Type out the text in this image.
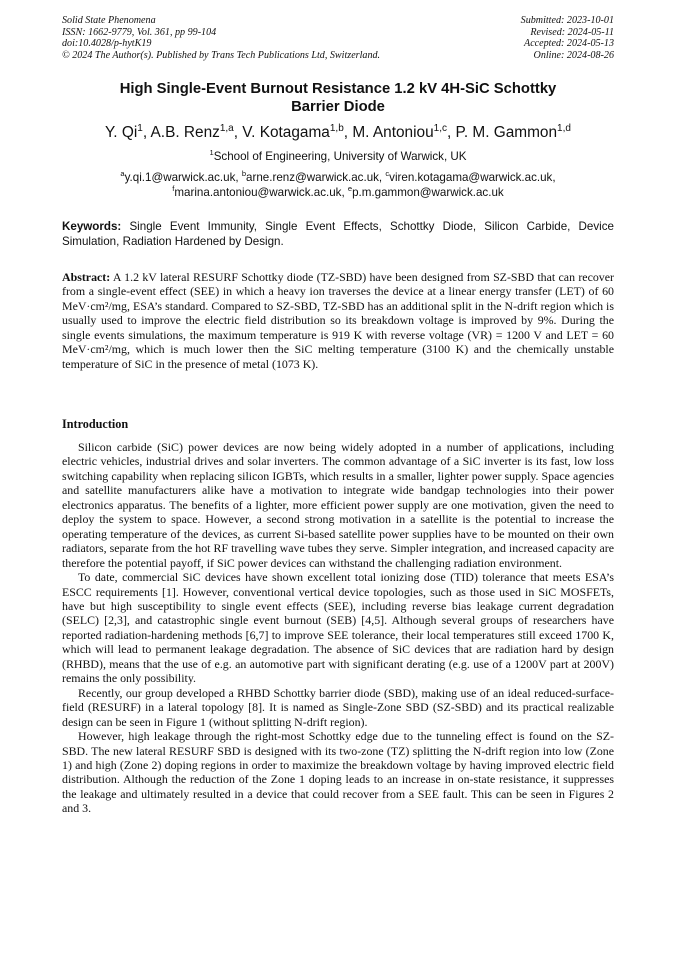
Solid State Phenomena
ISSN: 1662-9779, Vol. 361, pp 99-104
doi:10.4028/p-hytK19
© 2024 The Author(s). Published by Trans Tech Publications Ltd, Switzerland.
Submitted: 2023-10-01
Revised: 2024-05-11
Accepted: 2024-05-13
Online: 2024-08-26
High Single-Event Burnout Resistance 1.2 kV 4H-SiC Schottky
Barrier Diode
Y. Qi$^1$, A.B. Renz$^{1,a}$, V. Kotagama$^{1,b}$, M. Antoniou$^{1,c}$, P. M. Gammon$^{1,d}$
$^1$School of Engineering, University of Warwick, UK
$^a$y.qi.1@warwick.ac.uk, $^b$arne.renz@warwick.ac.uk, $^c$viren.kotagama@warwick.ac.uk,
$^f$marina.antoniou@warwick.ac.uk, $^e$p.m.gammon@warwick.ac.uk
Keywords: Single Event Immunity, Single Event Effects, Schottky Diode, Silicon Carbide, Device Simulation, Radiation Hardened by Design.
Abstract: A 1.2 kV lateral RESURF Schottky diode (TZ-SBD) have been designed from SZ-SBD that can recover from a single-event effect (SEE) in which a heavy ion traverses the device at a linear energy transfer (LET) of 60 MeV·cm²/mg, ESA’s standard. Compared to SZ-SBD, TZ-SBD has an additional split in the N-drift region which is usually used to improve the electric field distribution so its breakdown voltage is improved by 9%. During the single events simulations, the maximum temperature is 919 K with reverse voltage (VR) = 1200 V and LET = 60 MeV·cm²/mg, which is much lower then the SiC melting temperature (3100 K) and the chemically unstable temperature of SiC in the presence of metal (1073 K).
Introduction

Silicon carbide (SiC) power devices are now being widely adopted in a number of applications, including electric vehicles, industrial drives and solar inverters. The common advantage of a SiC inverter is its fast, low loss switching capability when replacing silicon IGBTs, which results in a smaller, lighter power supply. Space agencies and satellite manufacturers alike have a motivation to integrate wide bandgap technologies into their power electronics apparatus. The benefits of a lighter, more efficient power supply are one motivation, given the need to deploy the system to space. However, a second strong motivation in a satellite is the potential to increase the operating temperature of the devices, as current Si-based satellite power supplies have to be mounted on their own radiators, separate from the hot RF travelling wave tubes they serve. Simpler integration, and increased capacity are therefore the potential payoff, if SiC power devices can withstand the challenging radiation environment.

To date, commercial SiC devices have shown excellent total ionizing dose (TID) tolerance that meets ESA’s ESCC requirements [1]. However, conventional vertical device topologies, such as those used in SiC MOSFETs, have but high susceptibility to single event effects (SEE), including reverse bias leakage current degradation (SELC) [2,3], and catastrophic single event burnout (SEB) [4,5]. Although several groups of researchers have reported radiation-hardening methods [6,7] to improve SEE tolerance, their local temperatures still exceed 1700 K, which will lead to permanent leakage degradation. The absence of SiC devices that are radiation hard by design (RHBD), means that the use of e.g. an automotive part with significant derating (e.g. use of a 1200V part at 200V) remains the only possibility.

Recently, our group developed a RHBD Schottky barrier diode (SBD), making use of an ideal reduced-surface-field (RESURF) in a lateral topology [8]. It is named as Single-Zone SBD (SZ-SBD) and its practical realizable design can be seen in Figure 1 (without splitting N-drift region).

However, high leakage through the right-most Schottky edge due to the tunneling effect is found on the SZ-SBD. The new lateral RESURF SBD is designed with its two-zone (TZ) splitting the N-drift region into low (Zone 1) and high (Zone 2) doping regions in order to maximize the breakdown voltage by having improved electric field distribution. Although the reduction of the Zone 1 doping leads to an increase in on-state resistance, it suppresses the leakage and ultimately resulted in a device that could recover from a SEE fault. This can be seen in Figures 2 and 3.
